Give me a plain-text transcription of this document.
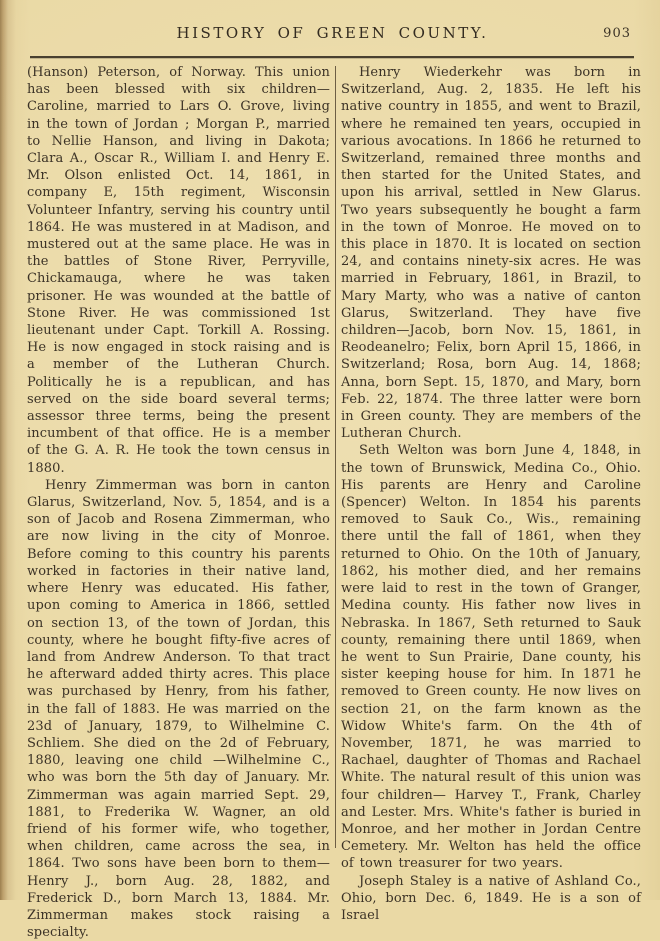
HISTORY OF GREEN COUNTY.	903

(Hanson) Peterson, of Norway. This union has been blessed with six children—Caroline, married to Lars O. Grove, living in the town of Jordan ; Morgan P., married to Nellie Hanson, and living in Dakota; Clara A., Oscar R., William I. and Henry E. Mr. Olson enlisted Oct. 14, 1861, in company E, 15th regiment, Wisconsin Volunteer Infantry, serving his country until 1864. He was mustered in at Madison, and mustered out at the same place. He was in the battles of Stone River, Perryville, Chickamauga, where he was taken prisoner. He was wounded at the battle of Stone River. He was commissioned 1st lieutenant under Capt. Torkill A. Rossing. He is now engaged in stock raising and is a member of the Lutheran Church. Politically he is a republican, and has served on the side board several terms; assessor three terms, being the present incumbent of that office. He is a member of the G. A. R. He took the town census in 1880.

Henry Zimmerman was born in canton Glarus, Switzerland, Nov. 5, 1854, and is a son of Jacob and Rosena Zimmerman, who are now living in the city of Monroe. Before coming to this country his parents worked in factories in their native land, where Henry was educated. His father, upon coming to America in 1866, settled on section 13, of the town of Jordan, this county, where he bought fifty-five acres of land from Andrew Anderson. To that tract he afterward added thirty acres. This place was purchased by Henry, from his father, in the fall of 1883. He was married on the 23d of January, 1879, to Wilhelmine C. Schliem. She died on the 2d of February, 1880, leaving one child —Wilhelmine C., who was born the 5th day of January. Mr. Zimmerman was again married Sept. 29, 1881, to Frederika W. Wagner, an old friend of his former wife, who together, when children, came across the sea, in 1864. Two sons have been born to them—Henry J., born Aug. 28, 1882, and Frederick D., born March 13, 1884. Mr. Zimmerman makes stock raising a specialty.

Henry Wiederkehr was born in Switzerland, Aug. 2, 1835. He left his native country in 1855, and went to Brazil, where he remained ten years, occupied in various avocations. In 1866 he returned to Switzerland, remained three months and then started for the United States, and upon his arrival, settled in New Glarus. Two years subsequently he bought a farm in the town of Monroe. He moved on to this place in 1870. It is located on section 24, and contains ninety-six acres. He was married in February, 1861, in Brazil, to Mary Marty, who was a native of canton Glarus, Switzerland. They have five children—Jacob, born Nov. 15, 1861, in Reodeanelro; Felix, born April 15, 1866, in Switzerland; Rosa, born Aug. 14, 1868; Anna, born Sept. 15, 1870, and Mary, born Feb. 22, 1874. The three latter were born in Green county. They are members of the Lutheran Church.

Seth Welton was born June 4, 1848, in the town of Brunswick, Medina Co., Ohio. His parents are Henry and Caroline (Spencer) Welton. In 1854 his parents removed to Sauk Co., Wis., remaining there until the fall of 1861, when they returned to Ohio. On the 10th of January, 1862, his mother died, and her remains were laid to rest in the town of Granger, Medina county. His father now lives in Nebraska. In 1867, Seth returned to Sauk county, remaining there until 1869, when he went to Sun Prairie, Dane county, his sister keeping house for him. In 1871 he removed to Green county. He now lives on section 21, on the farm known as the Widow White's farm. On the 4th of November, 1871, he was married to Rachael, daughter of Thomas and Rachael White. The natural result of this union was four children— Harvey T., Frank, Charley and Lester. Mrs. White's father is buried in Monroe, and her mother in Jordan Centre Cemetery. Mr. Welton has held the office of town treasurer for two years.

Joseph Staley is a native of Ashland Co., Ohio, born Dec. 6, 1849. He is a son of Israel
